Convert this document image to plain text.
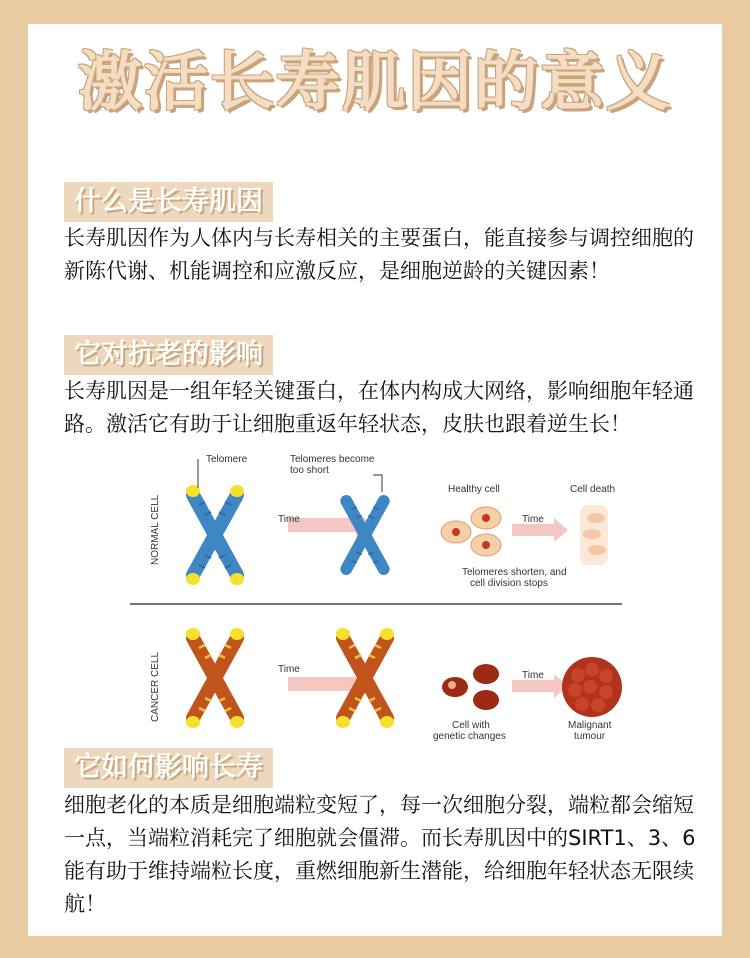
激活长寿肌因的意义
什么是长寿肌因
长寿肌因作为人体内与长寿相关的主要蛋白，能直接参与调控细胞的新陈代谢、机能调控和应激反应，是细胞逆龄的关键因素！
它对抗老的影响
长寿肌因是一组年轻关键蛋白，在体内构成大网络，影响细胞年轻通路。激活它有助于让细胞重返年轻状态，皮肤也跟着逆生长！
NORMAL CELL
Telomere
Time
Telomeres become
too short
Healthy cell
Time
Cell death
Telomeres shorten, and
cell division stops
CANCER CELL	Time
Cell with
genetic changes
Time
Malignant
tumour
它如何影响长寿
细胞老化的本质是细胞端粒变短了，每一次细胞分裂，端粒都会缩短一点，当端粒消耗完了细胞就会僵滞。而长寿肌因中的SIRT1、3、6能有助于维持端粒长度，重燃细胞新生潜能，给细胞年轻状态无限续航！
